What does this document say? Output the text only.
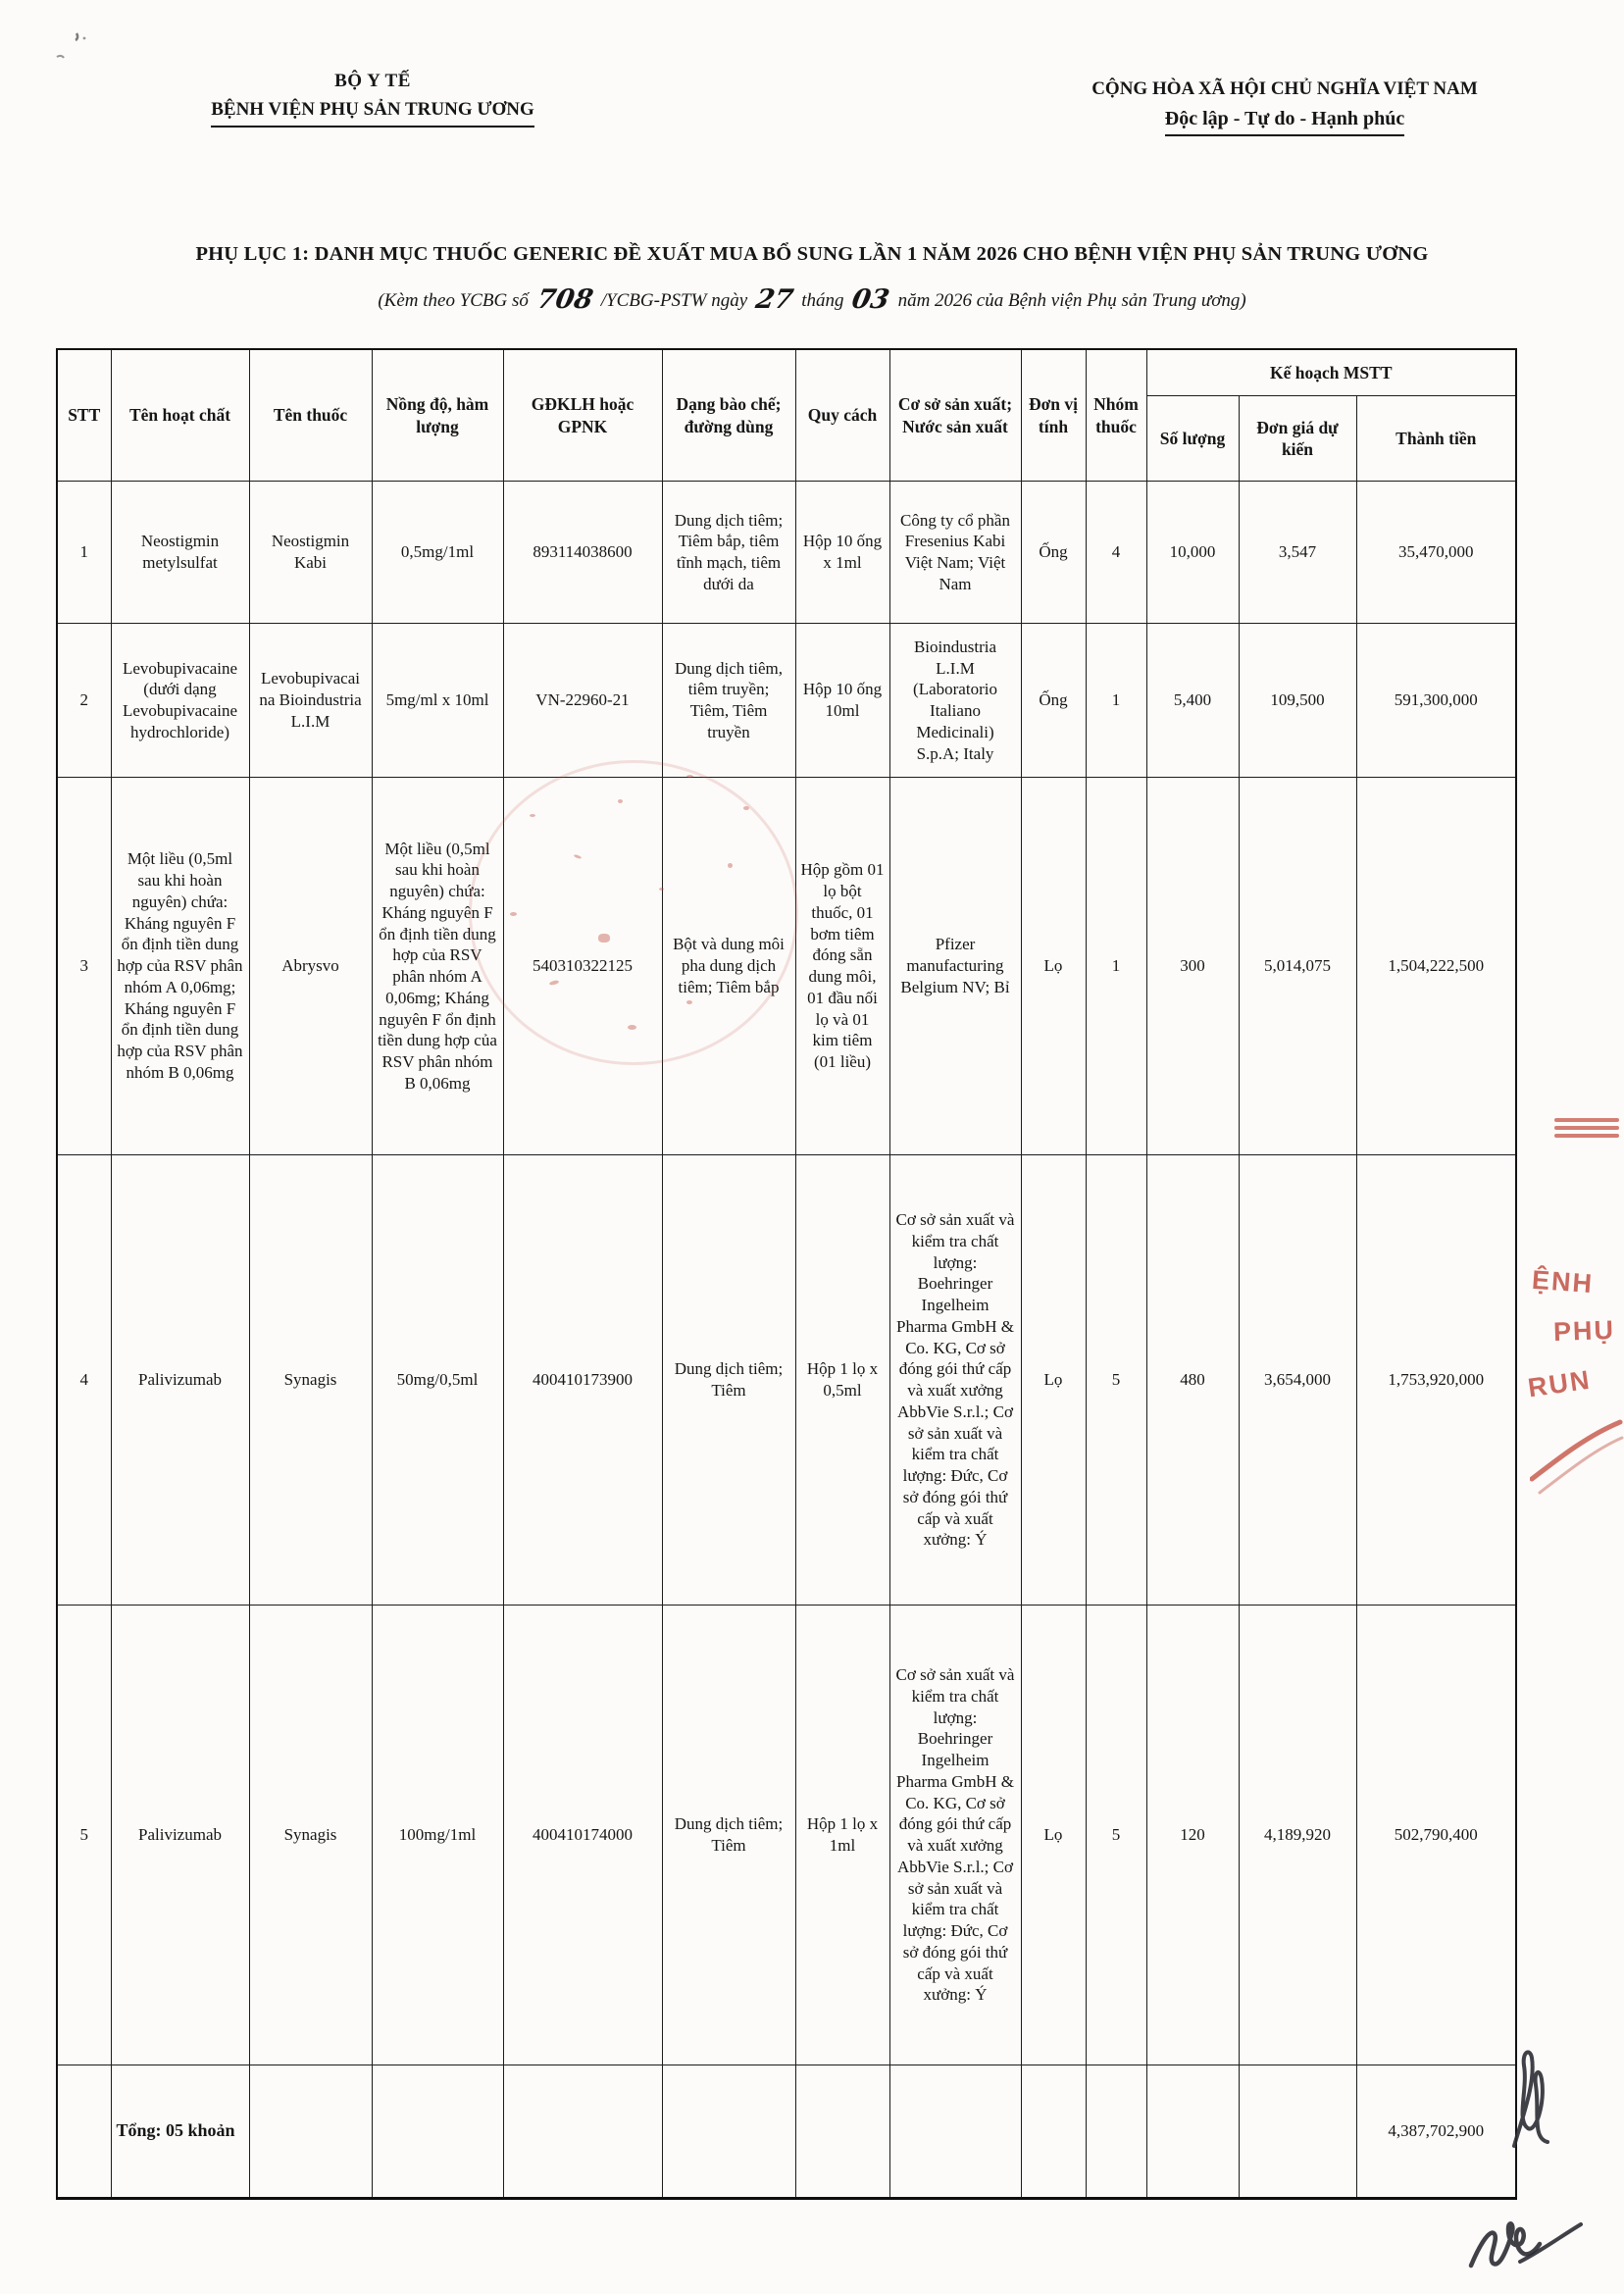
BỘ Y TẾ
BỆNH VIỆN PHỤ SẢN TRUNG ƯƠNG
CỘNG HÒA XÃ HỘI CHỦ NGHĨA VIỆT NAM
Độc lập - Tự do - Hạnh phúc
PHỤ LỤC 1: DANH MỤC THUỐC GENERIC ĐỀ XUẤT MUA BỔ SUNG LẦN 1 NĂM 2026 CHO BỆNH VIỆN PHỤ SẢN TRUNG ƯƠNG
(Kèm theo YCBG số 708 /YCBG-PSTW ngày 27 tháng 03 năm 2026 của Bệnh viện Phụ sản Trung ương)
STT	Tên hoạt chất	Tên thuốc	Nồng độ, hàm lượng	GĐKLH hoặc GPNK	Dạng bào chế; đường dùng	Quy cách	Cơ sở sản xuất; Nước sản xuất	Đơn vị tính	Nhóm thuốc	Kế hoạch MSTT		
										Số lượng	Đơn giá dự kiến	Thành tiền
1	Neostigmin metylsulfat	Neostigmin Kabi	0,5mg/1ml	893114038600	Dung dịch tiêm; Tiêm bắp, tiêm tĩnh mạch, tiêm dưới da	Hộp 10 ống x 1ml	Công ty cổ phần Fresenius Kabi Việt Nam; Việt Nam	Ống	4	10,000	3,547	35,470,000
2	Levobupivacaine (dưới dạng Levobupivacaine hydrochloride)	Levobupivacai na Bioindustria L.I.M	5mg/ml x 10ml	VN-22960-21	Dung dịch tiêm, tiêm truyền; Tiêm, Tiêm truyền	Hộp 10 ống 10ml	Bioindustria L.I.M (Laboratorio Italiano Medicinali) S.p.A; Italy	Ống	1	5,400	109,500	591,300,000
3	Một liều (0,5ml sau khi hoàn nguyên) chứa: Kháng nguyên F ổn định tiền dung hợp của RSV phân nhóm A 0,06mg; Kháng nguyên F ổn định tiền dung hợp của RSV phân nhóm B 0,06mg	Abrysvo	Một liều (0,5ml sau khi hoàn nguyên) chứa: Kháng nguyên F ổn định tiền dung hợp của RSV phân nhóm A 0,06mg; Kháng nguyên F ổn định tiền dung hợp của RSV phân nhóm B 0,06mg	540310322125	Bột và dung môi pha dung dịch tiêm; Tiêm bắp	Hộp gồm 01 lọ bột thuốc, 01 bơm tiêm đóng sẵn dung môi, 01 đầu nối lọ và 01 kim tiêm (01 liều)	Pfizer manufacturing Belgium NV; Bỉ	Lọ	1	300	5,014,075	1,504,222,500
4	Palivizumab	Synagis	50mg/0,5ml	400410173900	Dung dịch tiêm; Tiêm	Hộp 1 lọ x 0,5ml	Cơ sở sản xuất và kiểm tra chất lượng: Boehringer Ingelheim Pharma GmbH & Co. KG, Cơ sở đóng gói thứ cấp và xuất xưởng AbbVie S.r.l.; Cơ sở sản xuất và kiểm tra chất lượng: Đức, Cơ sở đóng gói thứ cấp và xuất xưởng: Ý	Lọ	5	480	3,654,000	1,753,920,000
5	Palivizumab	Synagis	100mg/1ml	400410174000	Dung dịch tiêm; Tiêm	Hộp 1 lọ x 1ml	Cơ sở sản xuất và kiểm tra chất lượng: Boehringer Ingelheim Pharma GmbH & Co. KG, Cơ sở đóng gói thứ cấp và xuất xưởng AbbVie S.r.l.; Cơ sở sản xuất và kiểm tra chất lượng: Đức, Cơ sở đóng gói thứ cấp và xuất xưởng: Ý	Lọ	5	120	4,189,920	502,790,400
	Tổng: 05 khoản											4,387,702,900
ỆNH
PHỤ
RUN
